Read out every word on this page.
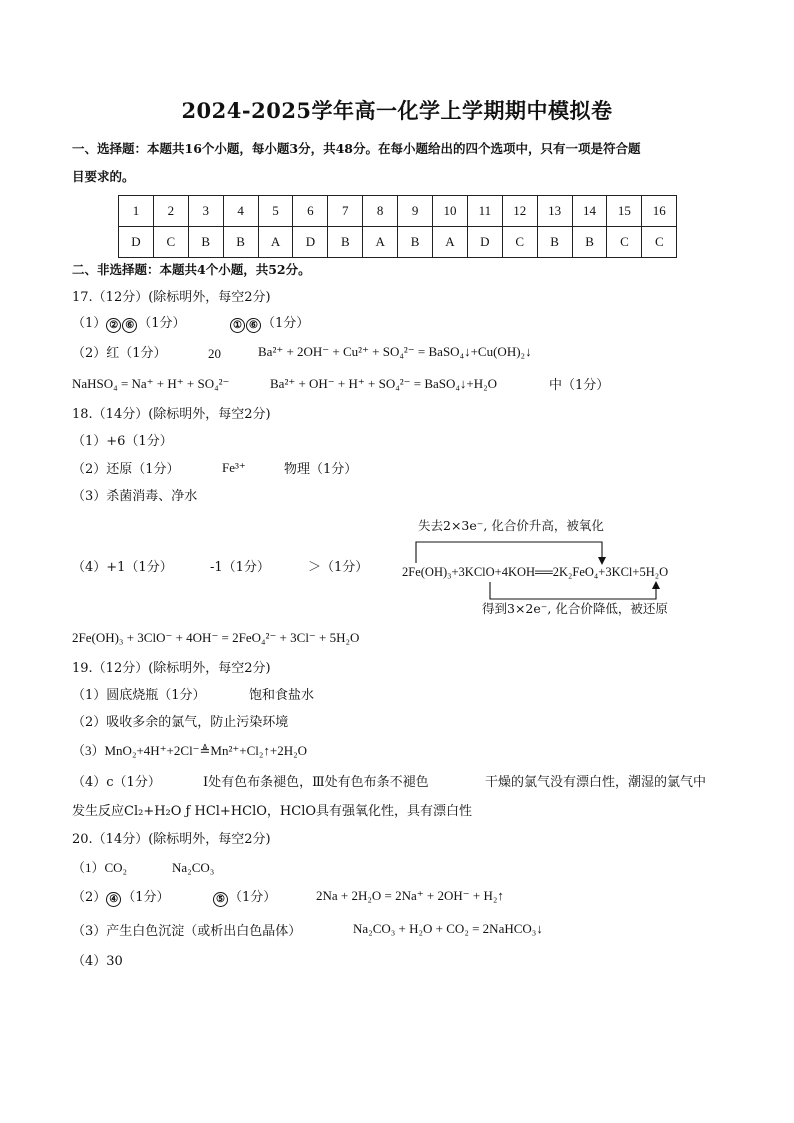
2024-2025学年高一化学上学期期中模拟卷
一、选择题：本题共16个小题，每小题3分，共48分。在每小题给出的四个选项中，只有一项是符合题
目要求的。
1	2	3	4	5	6	7	8	9	10	11	12	13	14	15	16
D	C	B	B	A	D	B	A	B	A	D	C	B	B	C	C
二、非选择题：本题共4个小题，共52分。
17.（12分）(除标明外，每空2分)
（1） ② ⑥ （1分）	① ⑥ （1分）
（2）红（1分）	20	Ba²⁺ + 2OH⁻ + Cu²⁺ + SO₄²⁻ = BaSO₄↓+Cu(OH)₂↓
NaHSO₄ = Na⁺ + H⁺ + SO₄²⁻	Ba²⁺ + OH⁻ + H⁺ + SO₄²⁻ = BaSO₄↓+H₂O	中（1分）
18.（14分）(除标明外，每空2分)
（1）+6（1分）
（2）还原（1分）	Fe³⁺	物理（1分）
（3）杀菌消毒、净水
（4）+1（1分）	-1（1分）	＞（1分）
失去2×3e⁻, 化合价升高，被氧化
2Fe(OH)₃+3KClO+4KOH══2K₂FeO₄+3KCl+5H₂O
得到3×2e⁻, 化合价降低，被还原
2Fe(OH)₃ + 3ClO⁻ + 4OH⁻ = 2FeO₄²⁻ + 3Cl⁻ + 5H₂O
19.（12分）(除标明外，每空2分)
（1）圆底烧瓶（1分）	饱和食盐水
（2）吸收多余的氯气，防止污染环境
（3）MnO₂+4H⁺+2Cl⁻≜Mn²⁺+Cl₂↑+2H₂O
（4）c（1分）	Ⅰ处有色布条褪色，Ⅲ处有色布条不褪色	干燥的氯气没有漂白性，潮湿的氯气中
发生反应Cl₂+H₂O ƒ HCl+HClO，HClO具有强氧化性，具有漂白性
20.（14分）(除标明外，每空2分)
（1）CO₂	Na₂CO₃
（2） ④ （1分）	⑤ （1分）	2Na + 2H₂O = 2Na⁺ + 2OH⁻ + H₂↑
（3）产生白色沉淀（或析出白色晶体）	Na₂CO₃ + H₂O + CO₂ = 2NaHCO₃↓
（4）30
